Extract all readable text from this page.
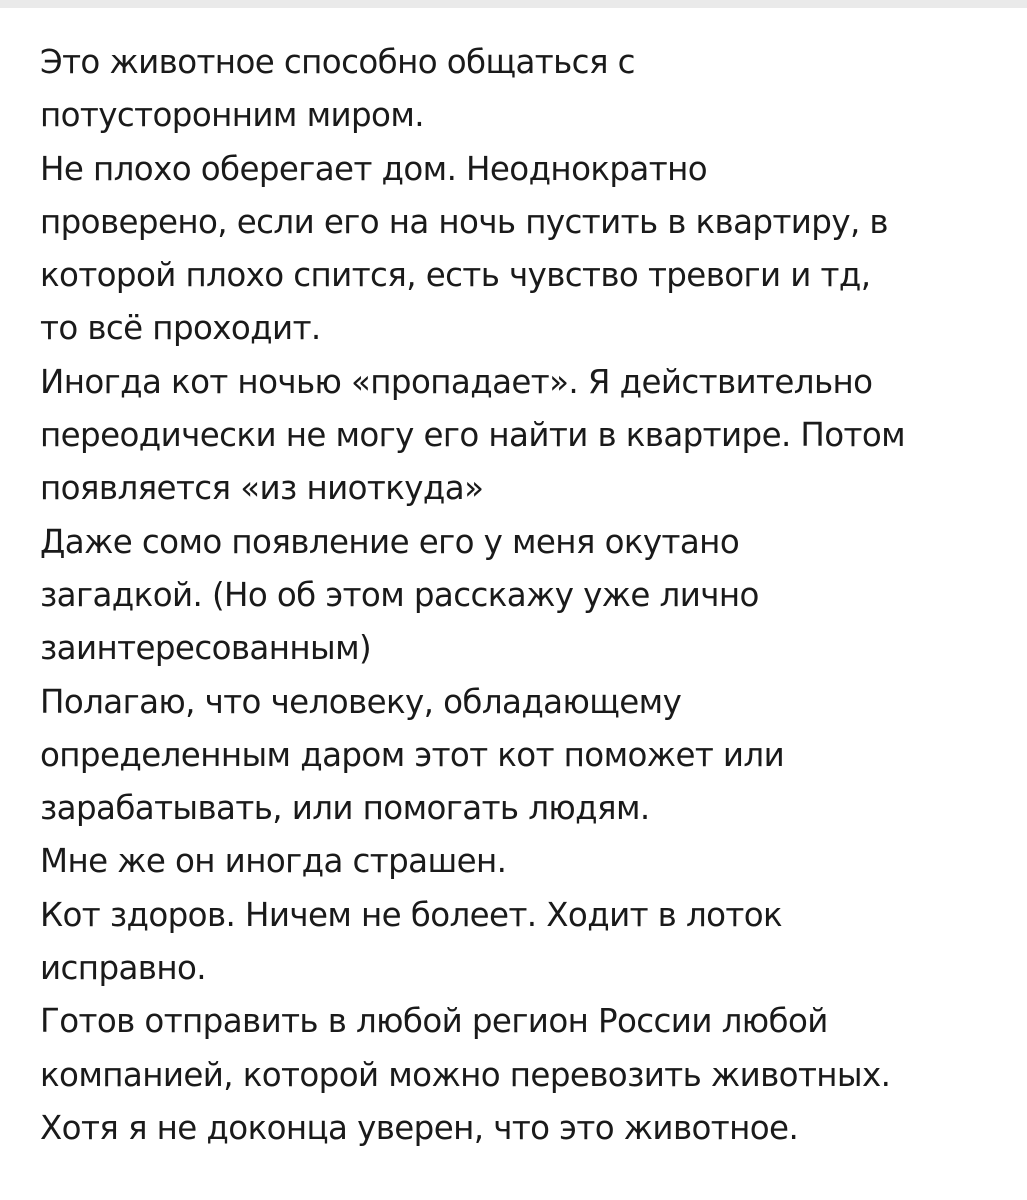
Это животное способно общаться с
потусторонним миром.
Не плохо оберегает дом. Неоднократно
проверено, если его на ночь пустить в квартиру, в
которой плохо спится, есть чувство тревоги и тд,
то всё проходит.
Иногда кот ночью «пропадает». Я действительно
переодически не могу его найти в квартире. Потом
появляется «из ниоткуда»
Даже сомо появление его у меня окутано
загадкой. (Но об этом расскажу уже лично
заинтересованным)
Полагаю, что человеку, обладающему
определенным даром этот кот поможет или
зарабатывать, или помогать людям.
Мне же он иногда страшен.
Кот здоров. Ничем не болеет. Ходит в лоток
исправно.
Готов отправить в любой регион России любой
компанией, которой можно перевозить животных.
Хотя я не доконца уверен, что это животное.
